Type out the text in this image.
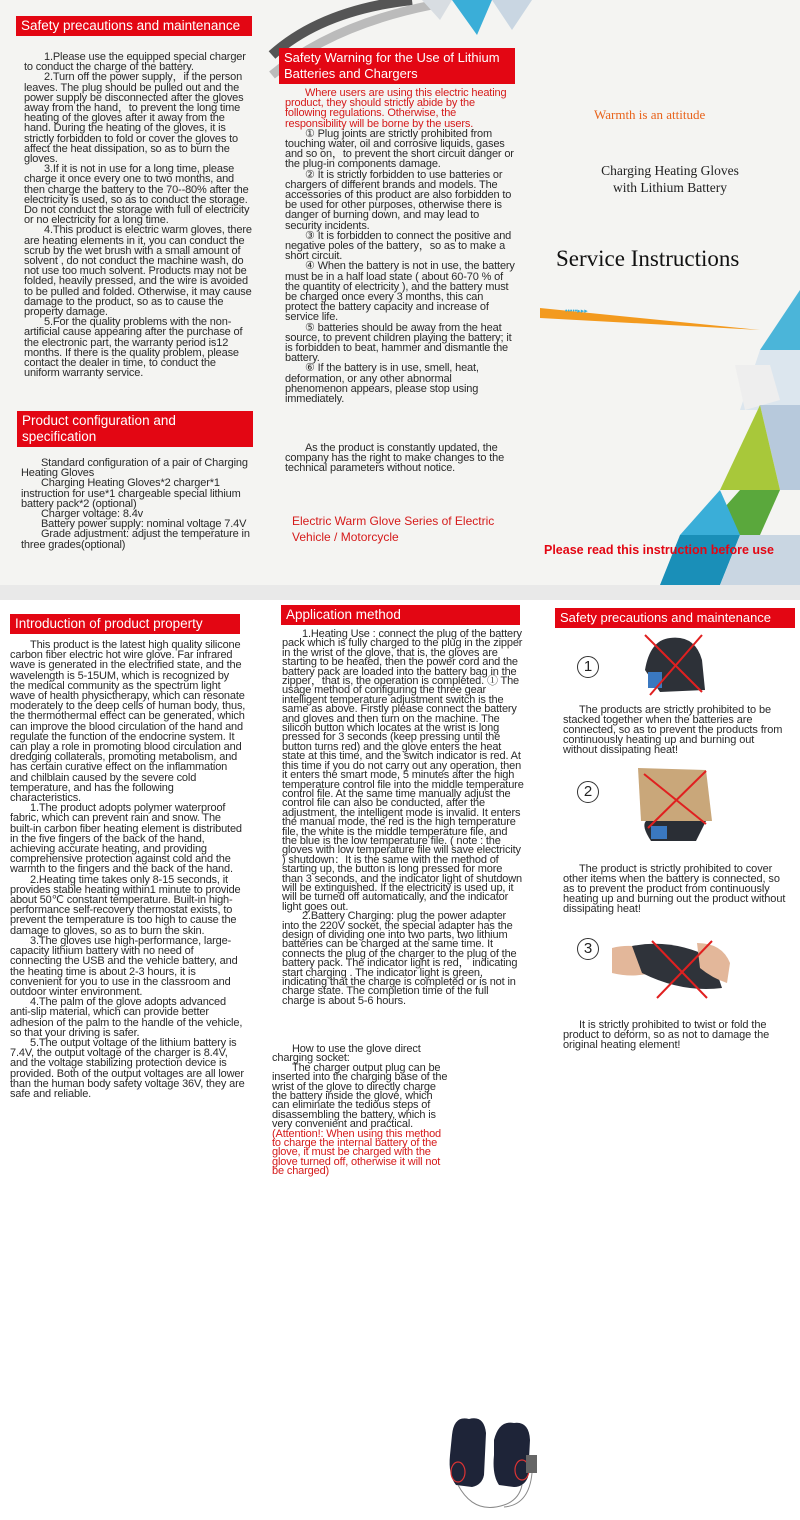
Safety precautions and maintenance

1.Please use the equipped special charger to conduct the charge of the battery.

2.Turn off the power supply，if the person leaves. The plug should be pulled out and the power supply be disconnected after the gloves away from the hand，to prevent the long time heating of the gloves after it away from the hand. During the heating of the gloves, it is strictly forbidden to fold or cover the gloves to affect the heat dissipation, so as to burn the gloves.

3.If it is not in use for a long time, please charge it once every one to two months, and then charge the battery to the 70--80% after the electricity is used, so as to conduct the storage. Do not conduct the storage with full of electricity or no electricity for a long time.

4.This product is electric warm gloves, there are heating elements in it, you can conduct the scrub by the wet brush with a small amount of solvent , do not conduct the machine wash, do not use too much solvent. Products may not be folded, heavily pressed, and the wire is avoided to be pulled and folded. Otherwise, it may cause damage to the product, so as to cause the property damage.

5.For the quality problems with the non-artificial cause appearing after the purchase of the electronic part, the warranty period is12 months. If there is the quality problem, please contact the dealer in time, to conduct the uniform warranty service.

Product configuration and specification

Standard configuration of a pair of Charging Heating Gloves

Charging Heating Gloves*2 charger*1 instruction for use*1 chargeable special lithium battery pack*2 (optional)

Charger voltage: 8.4v

Battery power supply: nominal voltage 7.4V

Grade adjustment: adjust the temperature in three grades(optional)

Safety Warning for the Use of Lithium Batteries and Chargers

Where users are using this electric heating product, they should strictly abide by the following regulations. Otherwise, the responsibility will be borne by the users.

① Plug joints are strictly prohibited from touching water, oil and corrosive liquids, gases and so on，to prevent the short circuit danger or the plug-in components damage.

② It is strictly forbidden to use batteries or chargers of different brands and models. The accessories of this product are also forbidden to be used for other purposes, otherwise there is danger of burning down, and may lead to security incidents.

③ It is forbidden to connect the positive and negative poles of the battery，so as to make a short circuit.

④ When the battery is not in use, the battery must be in a half load state ( about 60-70 % of the quantity of electricity ), and the battery must be charged once every 3 months, this can protect the battery capacity and increase of service life.

⑤ batteries should be away from the heat source, to prevent children playing the battery; it is forbidden to beat, hammer and dismantle the battery.

⑥ If the battery is in use, smell, heat, deformation, or any other abnormal phenomenon appears, please stop using immediately.

As the product is constantly updated, the company has the right to make changes to the technical parameters without notice.

Electric Warm Glove Series of Electric Vehicle / Motorcycle
Warmth is an attitude
Charging Heating Gloves
with Lithium Battery
Service Instructions
•••••▸▸▸
Please read this instruction before use
Introduction of product property

This product is the latest high quality silicone carbon fiber electric hot wire glove. Far infrared wave is generated in the electrified state, and the wavelength is 5-15UM, which is recognized by the medical community as the spectrum light wave of health physictherapy, which can resonate moderately to the deep cells of human body, thus, the thermothermal effect can be generated, which can improve the blood circulation of the hand and regulate the function of the endocrine system. It can play a role in promoting blood circulation and dredging collaterals, promoting metabolism, and has certain curative effect on the inflammation and chilblain caused by the severe cold temperature, and has the following characteristics.

1.The product adopts polymer waterproof fabric, which can prevent rain and snow. The built-in carbon fiber heating element is distributed in the five fingers of the back of the hand, achieving accurate heating, and providing comprehensive protection against cold and the warmth to the fingers and the back of the hand.

2.Heating time takes only 8-15 seconds, it provides stable heating within1 minute to provide about 50℃ constant temperature. Built-in high-performance self-recovery thermostat exists, to prevent the temperature is too high to cause the damage to gloves, so as to burn the skin.

3.The gloves use high-performance, large-capacity lithium battery with no need of connecting the USB and the vehicle battery, and the heating time is about 2-3 hours, it is convenient for you to use in the classroom and outdoor winter environment.

4.The palm of the glove adopts advanced anti-slip material, which can provide better adhesion of the palm to the handle of the vehicle, so that your driving is safer.

5.The output voltage of the lithium battery is 7.4V, the output voltage of the charger is 8.4V, and the voltage stabilizing protection device is provided. Both of the output voltages are all lower than the human body safety voltage 36V, they are safe and reliable.

Application method

1.Heating Use : connect the plug of the battery pack which is fully charged to the plug in the zipper in the wrist of the glove, that is, the gloves are starting to be heated, then the power cord and the battery pack are loaded into the battery bag in the zipper，that is, the operation is completed. ① The usage method of configuring the three gear intelligent temperature adjustment switch is the same as above. Firstly please connect the battery and gloves and then turn on the machine. The silicon button which locates at the wrist is long pressed for 3 seconds (keep pressing until the button turns red) and the glove enters the heat state at this time, and the switch indicator is red. At this time if you do not carry out any operation, then it enters the smart mode, 5 minutes after the high temperature control file into the middle temperature control file. At the same time manually adjust the control file can also be conducted, after the adjustment, the intelligent mode is invalid. It enters the manual mode, the red is the high temperature file, the white is the middle temperature file, and the blue is the low temperature file. ( note : the gloves with low temperature file will save electricity ) shutdown：It is the same with the method of starting up, the button is long pressed for more than 3 seconds, and the indicator light of shutdown will be extinguished. If the electricity is used up, it will be turned off automatically, and the indicator light goes out.

2.Battery Charging: plug the power adapter into the 220V socket, the special adapter has the design of dividing one into two parts, two lithium batteries can be charged at the same time. It connects the plug of the charger to the plug of the battery pack. The indicator light is red， indicating start charging . The indicator light is green, indicating that the charge is completed or is not in charge state. The completion time of the full charge is about 5-6 hours.

How to use the glove direct charging socket:

The charger output plug can be inserted into the charging base of the wrist of the glove to directly charge the battery inside the glove, which can eliminate the tedious steps of disassembling the battery, which is very convenient and practical. (Attention!: When using this method to charge the internal battery of the glove, it must be charged with the glove turned off, otherwise it will not be charged)

Safety precautions and maintenance
1

The products are strictly prohibited to be stacked together when the batteries are connected, so as to prevent the products from continuously heating up and burning out without dissipating heat!

2

The product is strictly prohibited to cover other items when the battery is connected, so as to prevent the product from continuously heating up and burning out the product without dissipating heat!

3

It is strictly prohibited to twist or fold the product to deform, so as not to damage the original heating element!
